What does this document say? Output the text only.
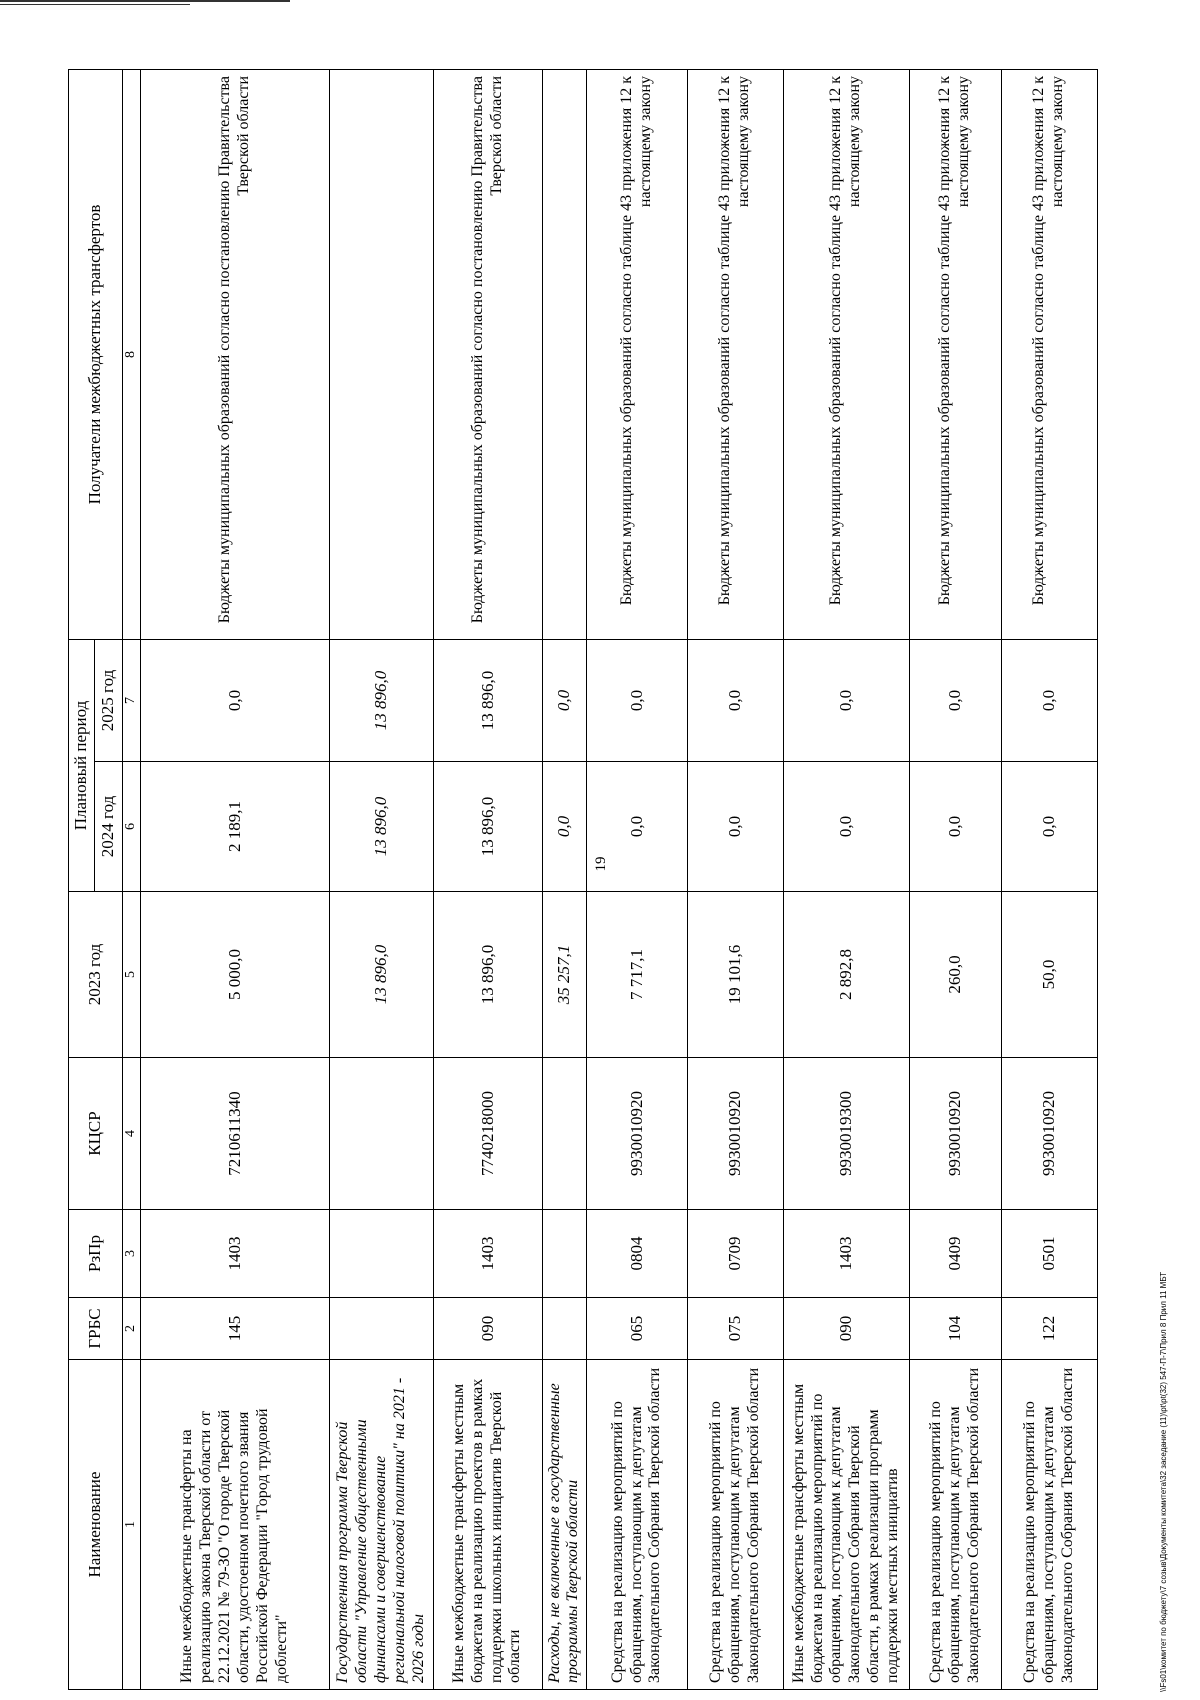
19
\\Fs01\комитет по бюджету\7 созыв\Документы комитета\32 заседание (11)\pt\pt(32) 547-П-7\Прил 8 Прил 11 МБТ
Наименование	ГРБС	РзПр	КЦСР	2023 год	Плановый период		Получатели межбюджетных трансфертов
					2024 год	2025 год	
1	2	3	4	5	6	7	8
Иные межбюджетные трансферты на реализацию закона Тверской области от 22.12.2021 № 79-ЗО "О городе Тверской области, удостоенном почетного звания Российской Федерации "Город трудовой доблести"	145	1403	7210611340	5 000,0	2 189,1	0,0	Бюджеты муниципальных образований согласно постановлению Правительства Тверской области
Государственная программа Тверской области "Управление общественными финансами и совершенствование региональной налоговой политики" на 2021 - 2026 годы				13 896,0	13 896,0	13 896,0	
Иные межбюджетные трансферты местным бюджетам на реализацию проектов в рамках поддержки школьных инициатив Тверской области	090	1403	7740218000	13 896,0	13 896,0	13 896,0	Бюджеты муниципальных образований согласно постановлению Правительства Тверской области
Расходы, не включенные в государственные программы Тверской области				35 257,1	0,0	0,0	
Средства на реализацию мероприятий по обращениям, поступающим к депутатам Законодательного Собрания Тверской области	065	0804	9930010920	7 717,1	0,0	0,0	Бюджеты муниципальных образований согласно таблице 43 приложения 12 к настоящему закону
Средства на реализацию мероприятий по обращениям, поступающим к депутатам Законодательного Собрания Тверской области	075	0709	9930010920	19 101,6	0,0	0,0	Бюджеты муниципальных образований согласно таблице 43 приложения 12 к настоящему закону
Иные межбюджетные трансферты местным бюджетам на реализацию мероприятий по обращениям, поступающим к депутатам Законодательного Собрания Тверской области, в рамках реализации программ поддержки местных инициатив	090	1403	9930019300	2 892,8	0,0	0,0	Бюджеты муниципальных образований согласно таблице 43 приложения 12 к настоящему закону
Средства на реализацию мероприятий по обращениям, поступающим к депутатам Законодательного Собрания Тверской области	104	0409	9930010920	260,0	0,0	0,0	Бюджеты муниципальных образований согласно таблице 43 приложения 12 к настоящему закону
Средства на реализацию мероприятий по обращениям, поступающим к депутатам Законодательного Собрания Тверской области	122	0501	9930010920	50,0	0,0	0,0	Бюджеты муниципальных образований согласно таблице 43 приложения 12 к настоящему закону
